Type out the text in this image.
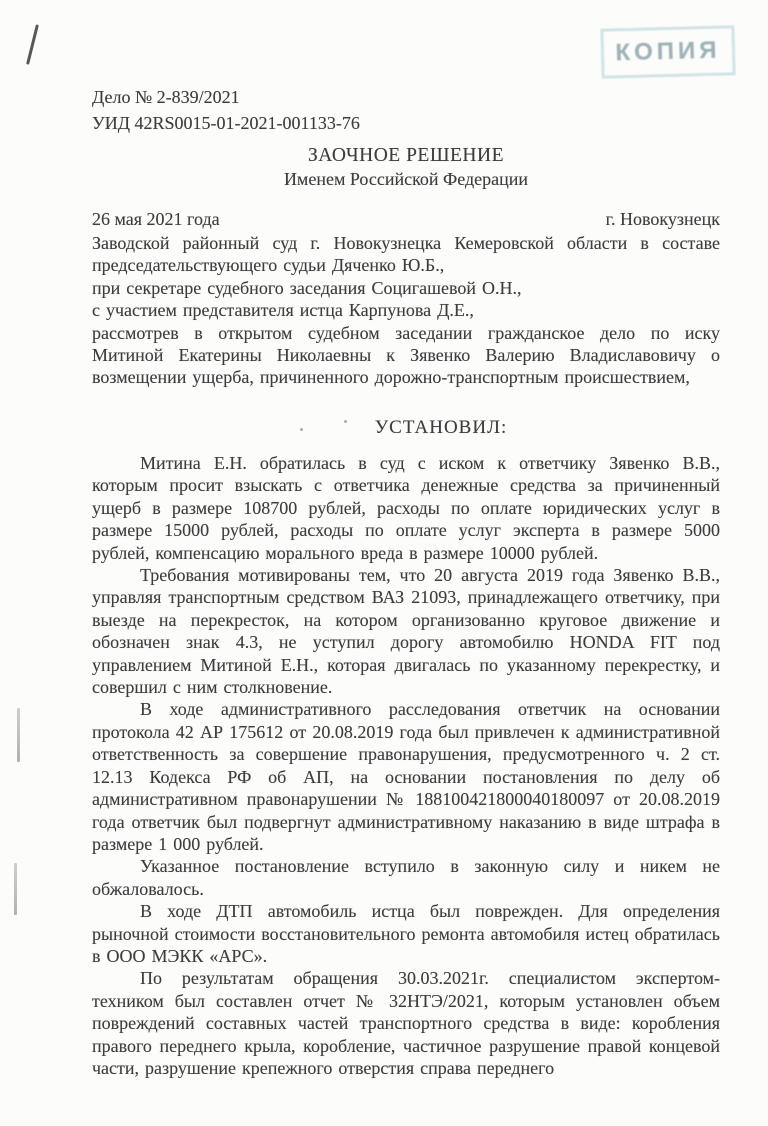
КОПИЯ
Дело № 2-839/2021
УИД 42RS0015-01-2021-001133-76
ЗАОЧНОЕ РЕШЕНИЕ
Именем Российской Федерации
26 мая 2021 года	г. Новокузнецк

Заводской районный суд г. Новокузнецка Кемеровской области в составе председательствующего судьи Дяченко Ю.Б.,

при секретаре судебного заседания Социгашевой О.Н.,

с участием представителя истца Карпунова Д.Е.,

рассмотрев в открытом судебном заседании гражданское дело по иску Митиной Екатерины Николаевны к Зявенко Валерию Владиславовичу о возмещении ущерба, причиненного дорожно-транспортным происшествием,

УСТАНОВИЛ:

Митина Е.Н. обратилась в суд с иском к ответчику Зявенко В.В., которым просит взыскать с ответчика денежные средства за причиненный ущерб в размере 108700 рублей, расходы по оплате юридических услуг в размере 15000 рублей, расходы по оплате услуг эксперта в размере 5000 рублей, компенсацию морального вреда в размере 10000 рублей.

Требования мотивированы тем, что 20 августа 2019 года Зявенко В.В., управляя транспортным средством ВАЗ 21093, принадлежащего ответчику, при выезде на перекресток, на котором организованно круговое движение и обозначен знак 4.3, не уступил дорогу автомобилю HONDA FIT под управлением Митиной Е.Н., которая двигалась по указанному перекрестку, и совершил с ним столкновение.

В ходе административного расследования ответчик на основании протокола 42 АР 175612 от 20.08.2019 года был привлечен к административной ответственность за совершение правонарушения, предусмотренного ч. 2 ст. 12.13 Кодекса РФ об АП, на основании постановления по делу об административном правонарушении № 188100421800040180097 от 20.08.2019 года ответчик был подвергнут административному наказанию в виде штрафа в размере 1 000 рублей.

Указанное постановление вступило в законную силу и никем не обжаловалось.

В ходе ДТП автомобиль истца был поврежден. Для определения рыночной стоимости восстановительного ремонта автомобиля истец обратилась в ООО МЭКК «АРС».

По результатам обращения 30.03.2021г. специалистом экспертом-техником был составлен отчет № 32НТЭ/2021, которым установлен объем повреждений составных частей транспортного средства в виде: коробления правого переднего крыла, коробление, частичное разрушение правой концевой части, разрушение крепежного отверстия справа переднего
